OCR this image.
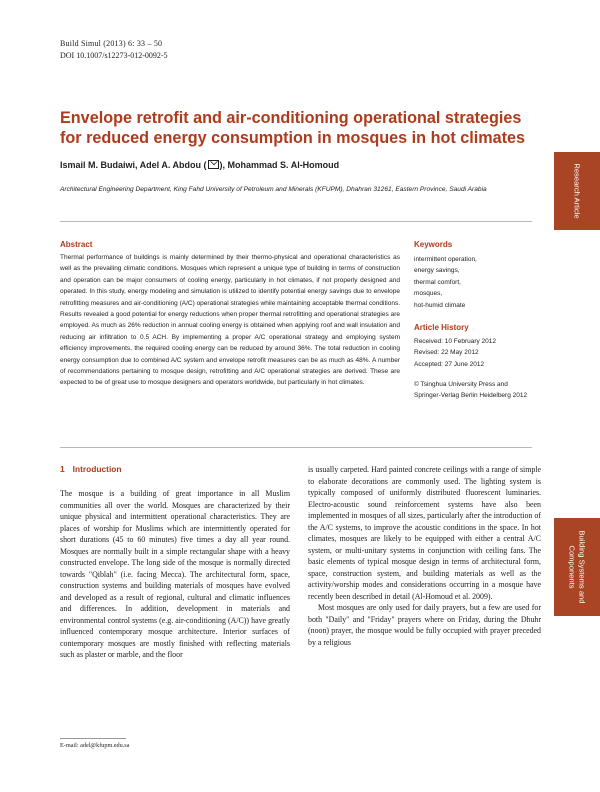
Build Simul (2013) 6: 33 – 50
DOI 10.1007/s12273-012-0092-5
Envelope retrofit and air-conditioning operational strategies for reduced energy consumption in mosques in hot climates
Ismail M. Budaiwi, Adel A. Abdou ( ), Mohammad S. Al-Homoud
Architectural Engineering Department, King Fahd University of Petroleum and Minerals (KFUPM), Dhahran 31261, Eastern Province, Saudi Arabia
Abstract
Thermal performance of buildings is mainly determined by their thermo-physical and operational characteristics as well as the prevailing climatic conditions. Mosques which represent a unique type of building in terms of construction and operation can be major consumers of cooling energy, particularly in hot climates, if not properly designed and operated. In this study, energy modeling and simulation is utilized to identify potential energy savings due to envelope retrofitting measures and air-conditioning (A/C) operational strategies while maintaining acceptable thermal conditions. Results revealed a good potential for energy reductions when proper thermal retrofitting and operational strategies are employed. As much as 26% reduction in annual cooling energy is obtained when applying roof and wall insulation and reducing air infiltration to 0.5 ACH. By implementing a proper A/C operational strategy and employing system efficiency improvements, the required cooling energy can be reduced by around 36%. The total reduction in cooling energy consumption due to combined A/C system and envelope retrofit measures can be as much as 48%. A number of recommendations pertaining to mosque design, retrofitting and A/C operational strategies are derived. These are expected to be of great use to mosque designers and operators worldwide, but particularly in hot climates.
Keywords
intermittent operation,
energy savings,
thermal comfort,
mosques,
hot-humid climate
Article History
Received: 10 February 2012
Revised: 22 May 2012
Accepted: 27 June 2012
© Tsinghua University Press and Springer-Verlag Berlin Heidelberg 2012
Research Article
Building Systems and
Components
1 Introduction

The mosque is a building of great importance in all Muslim communities all over the world. Mosques are characterized by their unique physical and intermittent operational characteristics. They are places of worship for Muslims which are intermittently operated for short durations (45 to 60 minutes) five times a day all year round. Mosques are normally built in a simple rectangular shape with a heavy constructed envelope. The long side of the mosque is normally directed towards "Qiblah" (i.e. facing Mecca). The architectural form, space, construction systems and building materials of mosques have evolved and developed as a result of regional, cultural and climatic influences and differences. In addition, development in materials and environmental control systems (e.g. air-conditioning (A/C)) have greatly influenced contemporary mosque architecture. Interior surfaces of contemporary mosques are mostly finished with reflecting materials such as plaster or marble, and the floor

is usually carpeted. Hard painted concrete ceilings with a range of simple to elaborate decorations are commonly used. The lighting system is typically composed of uniformly distributed fluorescent luminaries. Electro-acoustic sound reinforcement systems have also been implemented in mosques of all sizes, particularly after the introduction of the A/C systems, to improve the acoustic conditions in the space. In hot climates, mosques are likely to be equipped with either a central A/C system, or multi-unitary systems in conjunction with ceiling fans. The basic elements of typical mosque design in terms of architectural form, space, construction system, and building materials as well as the activity/worship modes and considerations occurring in a mosque have recently been described in detail (Al-Homoud et al. 2009).

Most mosques are only used for daily prayers, but a few are used for both "Daily" and "Friday" prayers where on Friday, during the Dhuhr (noon) prayer, the mosque would be fully occupied with prayer preceded by a religious

E-mail: adel@kfupm.edu.sa
